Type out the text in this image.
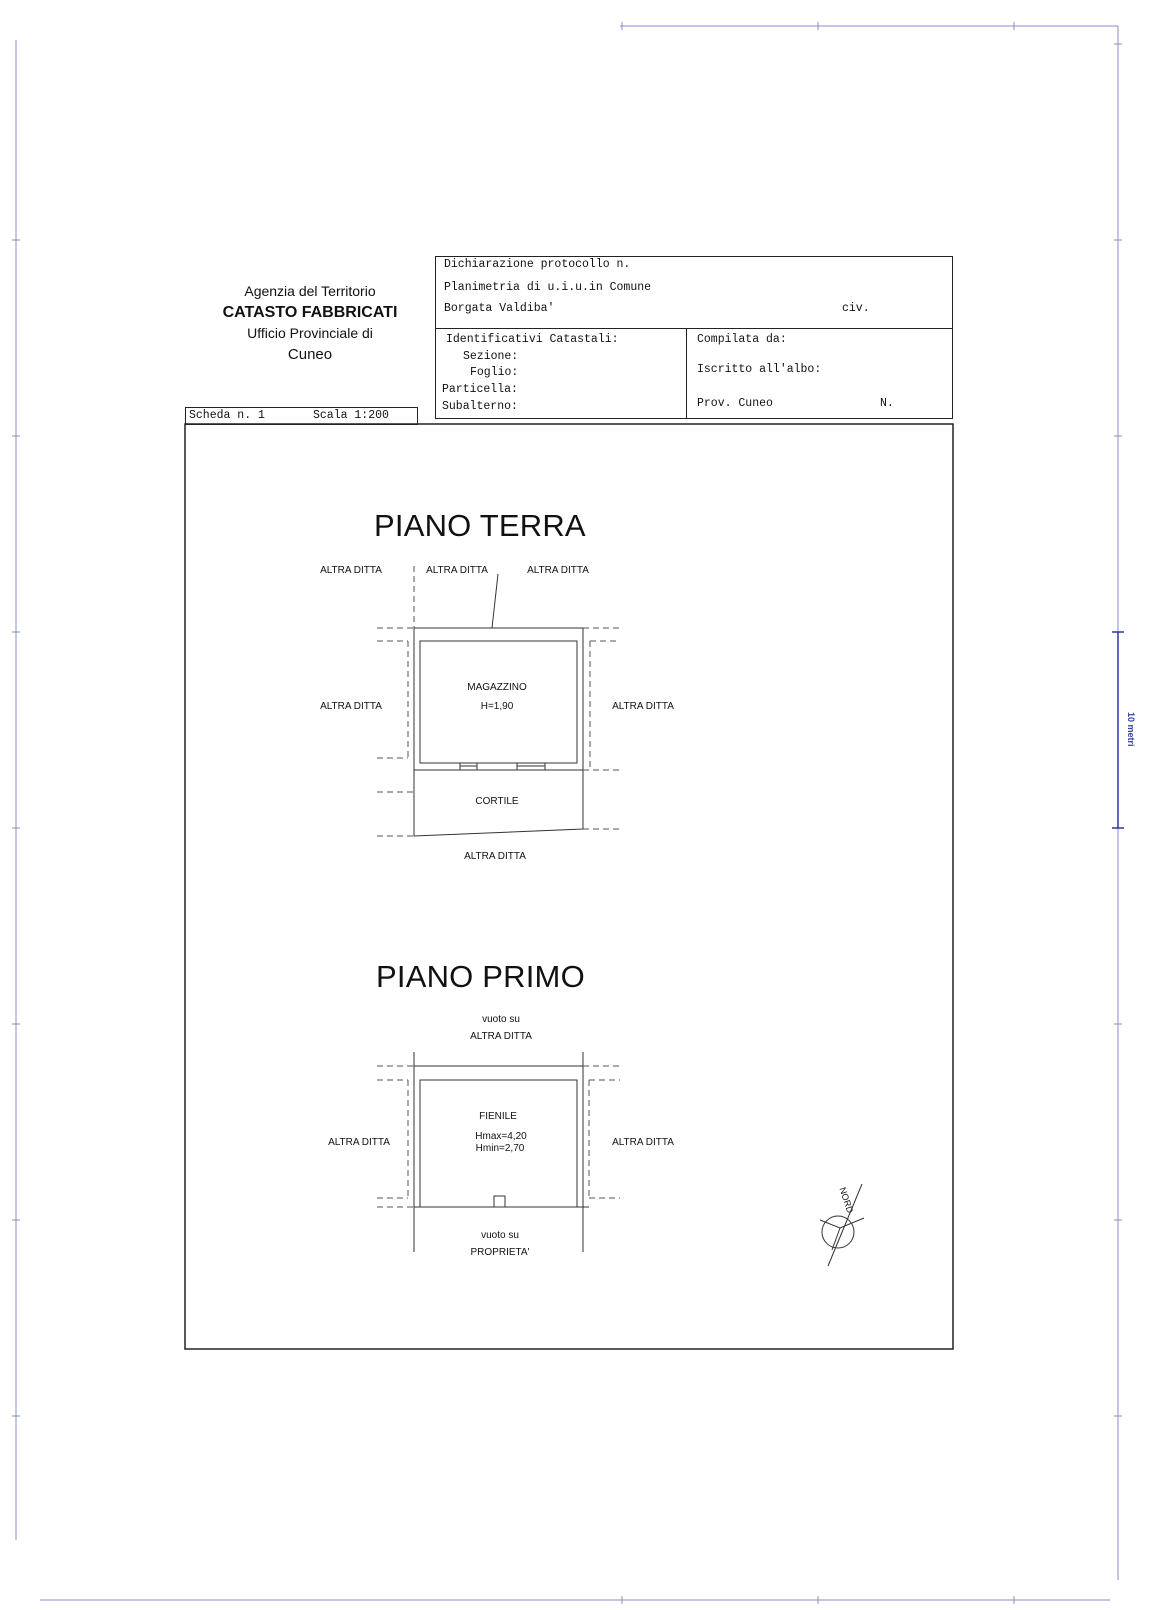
Agenzia del Territorio
CATASTO FABBRICATI
Ufficio Provinciale di
Cuneo
Dichiarazione protocollo n.
Planimetria di u.i.u.in Comune
Borgata Valdiba'	civ.
Identificativi Catastali:
Sezione:
Foglio:
Particella:
Subalterno:
Compilata da:
Iscritto all'albo:
Prov. Cuneo	N.
Scheda n. 1	Scala 1:200
PIANO TERRA
ALTRA DITTA	ALTRA DITTA	ALTRA DITTA
ALTRA DITTA	ALTRA DITTA
MAGAZZINO
H=1,90
CORTILE
ALTRA DITTA
PIANO PRIMO
vuoto su
ALTRA DITTA
ALTRA DITTA	ALTRA DITTA
FIENILE
Hmax=4,20
Hmin=2,70
vuoto su
PROPRIETA'
NORD
10 metri
